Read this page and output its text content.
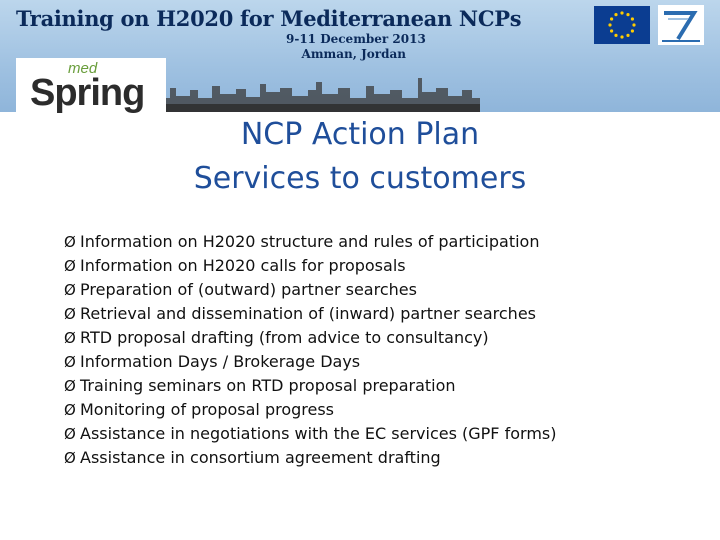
Training on H2020 for Mediterranean NCPs
9-11 December 2013
Amman, Jordan
med
Spring
NCP Action Plan
Services to customers
Ø Information on H2020 structure and rules of participation
Ø Information on H2020 calls for proposals
Ø Preparation of (outward) partner searches
Ø Retrieval and dissemination of (inward) partner searches
Ø RTD proposal drafting (from advice to consultancy)
Ø Information Days / Brokerage Days
Ø Training seminars on RTD proposal preparation
Ø Monitoring of proposal progress
Ø Assistance in negotiations with the EC services (GPF forms)
Ø Assistance in consortium agreement drafting
